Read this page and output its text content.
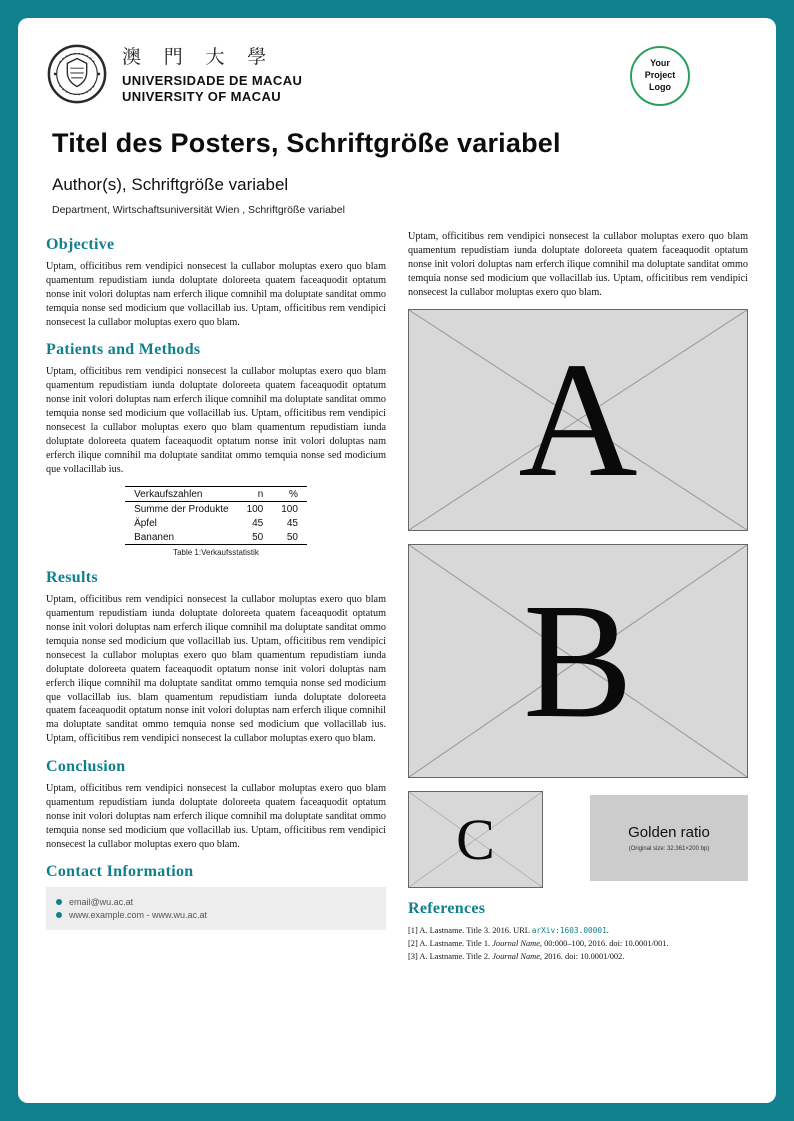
澳 門 大 學
UNIVERSIDADE DE MACAU
UNIVERSITY OF MACAU
Your Project Logo
Titel des Posters, Schriftgröße variabel
Author(s), Schriftgröße variabel
Department, Wirtschaftsuniversität Wien , Schriftgröße variabel
Objective

Uptam, officitibus rem vendipici nonsecest la cullabor moluptas exero quo blam quamentum repudistiam iunda doluptate doloreeta quatem faceaquodit optatum nonse init volori doluptas nam erferch ilique comnihil ma doluptate sanditat ommo temquia nonse sed modicium que vollacillab ius. Uptam, officitibus rem vendipici nonsecest la cullabor moluptas exero quo blam.

Patients and Methods

Uptam, officitibus rem vendipici nonsecest la cullabor moluptas exero quo blam quamentum repudistiam iunda doluptate doloreeta quatem faceaquodit optatum nonse init volori doluptas nam erferch ilique comnihil ma doluptate sanditat ommo temquia nonse sed modicium que vollacillab ius. Uptam, officitibus rem vendipici nonsecest la cullabor moluptas exero quo blam quamentum repudistiam iunda doluptate doloreeta quatem faceaquodit optatum nonse init volori doluptas nam erferch ilique comnihil ma doluptate sanditat ommo temquia nonse sed modicium que vollacillab ius.

Verkaufszahlen	n	%
Summe der Produkte	100	100
Äpfel	45	45
Bananen	50	50
Table 1:Verkaufsstatistik
Results

Uptam, officitibus rem vendipici nonsecest la cullabor moluptas exero quo blam quamentum repudistiam iunda doluptate doloreeta quatem faceaquodit optatum nonse init volori doluptas nam erferch ilique comnihil ma doluptate sanditat ommo temquia nonse sed modicium que vollacillab ius. Uptam, officitibus rem vendipici nonsecest la cullabor moluptas exero quo blam quamentum repudistiam iunda doluptate doloreeta quatem faceaquodit optatum nonse init volori doluptas nam erferch ilique comnihil ma doluptate sanditat ommo temquia nonse sed modicium que vollacillab ius. blam quamentum repudistiam iunda doluptate doloreeta quatem faceaquodit optatum nonse init volori doluptas nam erferch ilique comnihil ma doluptate sanditat ommo temquia nonse sed modicium que vollacillab ius. Uptam, officitibus rem vendipici nonsecest la cullabor moluptas exero quo blam.

Conclusion

Uptam, officitibus rem vendipici nonsecest la cullabor moluptas exero quo blam quamentum repudistiam iunda doluptate doloreeta quatem faceaquodit optatum nonse init volori doluptas nam erferch ilique comnihil ma doluptate sanditat ommo temquia nonse sed modicium que vollacillab ius. Uptam, officitibus rem vendipici nonsecest la cullabor moluptas exero quo blam.

Contact Information
email@wu.ac.at
www.example.com - www.wu.ac.at

Uptam, officitibus rem vendipici nonsecest la cullabor moluptas exero quo blam quamentum repudistiam iunda doluptate doloreeta quatem faceaquodit optatum nonse init volori doluptas nam erferch ilique comnihil ma doluptate sanditat ommo temquia nonse sed modicium que vollacillab ius. Uptam, officitibus rem vendipici nonsecest la cullabor moluptas exero quo blam.

A
B
C	Golden ratio
(Original size: 32.361×200 bp)
References

[1] A. Lastname. Title 3. 2016. URL arXiv:1603.00001.

[2] A. Lastname. Title 1. Journal Name, 00:000–100, 2016. doi: 10.0001/001.

[3] A. Lastname. Title 2. Journal Name, 2016. doi: 10.0001/002.
